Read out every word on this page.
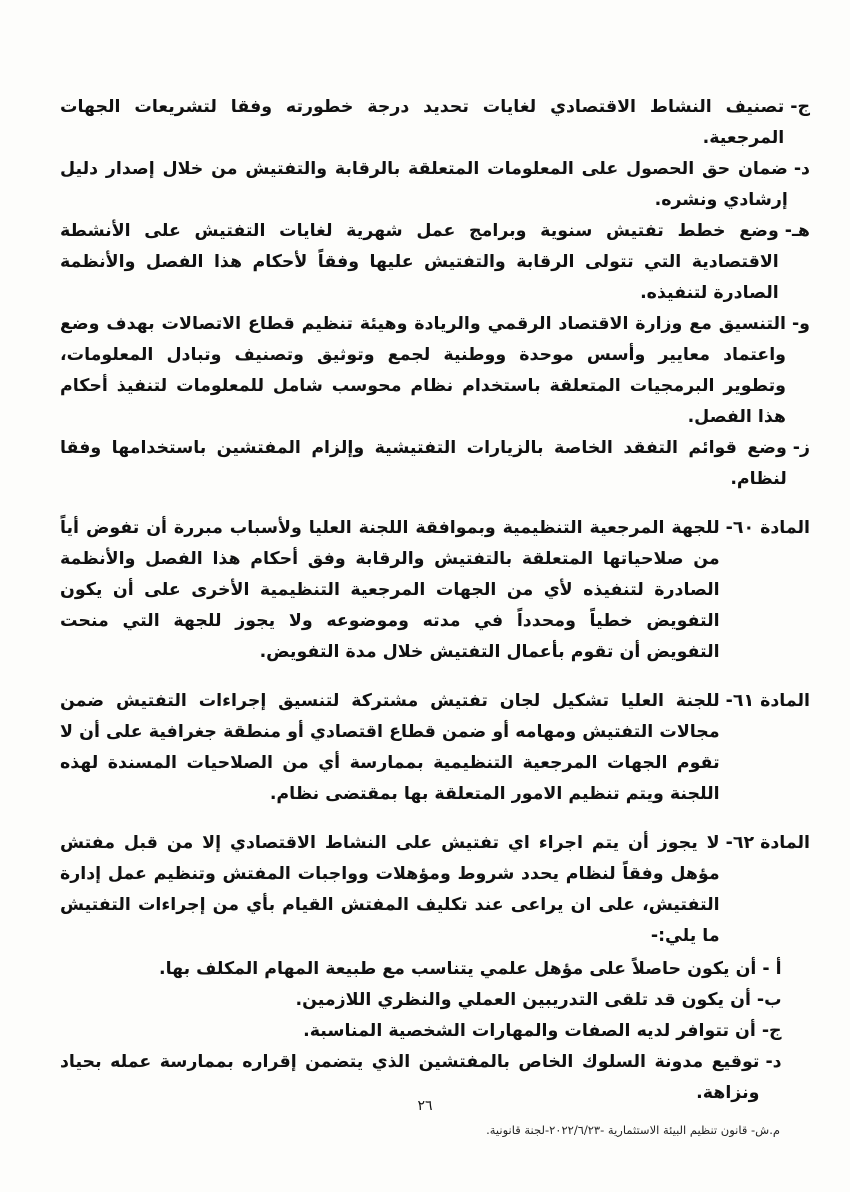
ج-
تصنيف النشاط الاقتصادي لغايات تحديد درجة خطورته وفقا لتشريعات الجهات المرجعية.
د-
ضمان حق الحصول على المعلومات المتعلقة بالرقابة والتفتيش من خلال إصدار دليل إرشادي ونشره.
هـ-
وضع خطط تفتيش سنوية وبرامج عمل شهرية لغايات التفتيش على الأنشطة الاقتصادية التي تتولى الرقابة والتفتيش عليها وفقاً لأحكام هذا الفصل والأنظمة الصادرة لتنفيذه.
و-
التنسيق مع وزارة الاقتصاد الرقمي والريادة وهيئة تنظيم قطاع الاتصالات بهدف وضع واعتماد معايير وأسس موحدة ووطنية لجمع وتوثيق وتصنيف وتبادل المعلومات، وتطوير البرمجيات المتعلقة باستخدام نظام محوسب شامل للمعلومات لتنفيذ أحكام هذا الفصل.
ز-
وضع قوائم التفقد الخاصة بالزيارات التفتيشية وإلزام المفتشين باستخدامها وفقا لنظام.
المادة ٦٠-
للجهة المرجعية التنظيمية وبموافقة اللجنة العليا ولأسباب مبررة أن تفوض أياً من صلاحياتها المتعلقة بالتفتيش والرقابة وفق أحكام هذا الفصل والأنظمة الصادرة لتنفيذه لأي من الجهات المرجعية التنظيمية الأخرى على أن يكون التفويض خطياً ومحدداً في مدته وموضوعه ولا يجوز للجهة التي منحت التفويض أن تقوم بأعمال التفتيش خلال مدة التفويض.
المادة ٦١-
للجنة العليا تشكيل لجان تفتيش مشتركة لتنسيق إجراءات التفتيش ضمن مجالات التفتيش ومهامه أو ضمن قطاع اقتصادي أو منطقة جغرافية على أن لا تقوم الجهات المرجعية التنظيمية بممارسة أي من الصلاحيات المسندة لهذه اللجنة ويتم تنظيم الامور المتعلقة بها بمقتضى نظام.
المادة ٦٢-
لا يجوز أن يتم اجراء اي تفتيش على النشاط الاقتصادي إلا من قبل مفتش مؤهل وفقاً لنظام يحدد شروط ومؤهلات وواجبات المفتش وتنظيم عمل إدارة التفتيش، على ان يراعى عند تكليف المفتش القيام بأي من إجراءات التفتيش ما يلي:-
أ -
أن يكون حاصلاً على مؤهل علمي يتناسب مع طبيعة المهام المكلف بها.
ب-
أن يكون قد تلقى التدريبين العملي والنظري اللازمين.
ج-
أن تتوافر لديه الصفات والمهارات الشخصية المناسبة.
د-
توقيع مدونة السلوك الخاص بالمفتشين الذي يتضمن إقراره بممارسة عمله بحياد ونزاهة.
٢٦
م.ش- قانون تنظيم البيئة الاستثمارية -٢٠٢٢/٦/٢٣-لجنة قانونية.
